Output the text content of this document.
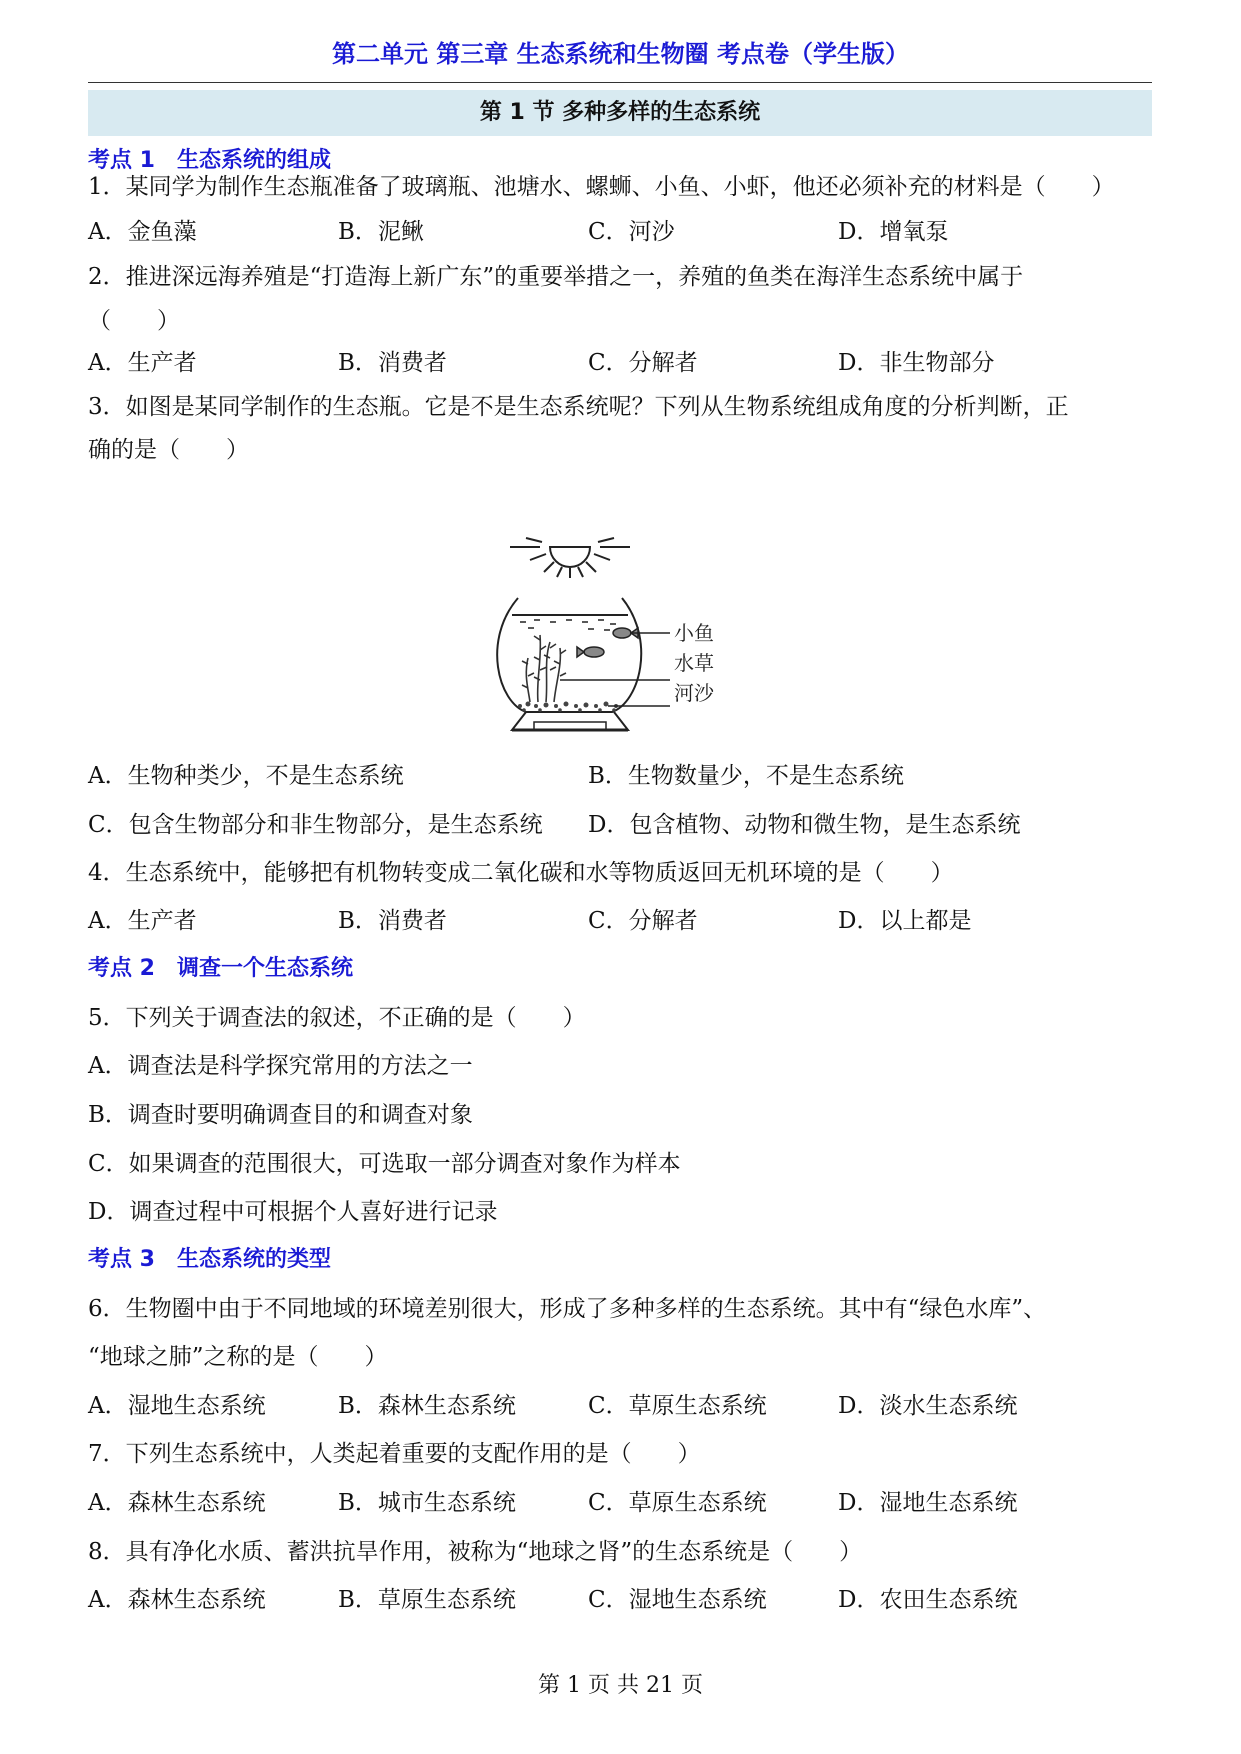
第二单元 第三章 生态系统和生物圈 考点卷（学生版）
第 1 节 多种多样的生态系统
考点 1 生态系统的组成
1．某同学为制作生态瓶准备了玻璃瓶、池塘水、螺蛳、小鱼、小虾，他还必须补充的材料是（　　）
A．金鱼藻	B．泥鳅	C．河沙	D．增氧泵
2．推进深远海养殖是“打造海上新广东”的重要举措之一，养殖的鱼类在海洋生态系统中属于
（　　）
A．生产者	B．消费者	C．分解者	D．非生物部分
3．如图是某同学制作的生态瓶。它是不是生态系统呢？下列从生物系统组成角度的分析判断，正
确的是（　　）
小鱼
水草
河沙
A．生物种类少，不是生态系统	B．生物数量少，不是生态系统
C．包含生物部分和非生物部分，是生态系统 D．包含植物、动物和微生物，是生态系统
4．生态系统中，能够把有机物转变成二氧化碳和水等物质返回无机环境的是（　　）
A．生产者	B．消费者	C．分解者	D．以上都是
考点 2 调查一个生态系统
5．下列关于调查法的叙述，不正确的是（　　）
A．调查法是科学探究常用的方法之一
B．调查时要明确调查目的和调查对象
C．如果调查的范围很大，可选取一部分调查对象作为样本
D．调查过程中可根据个人喜好进行记录
考点 3 生态系统的类型
6．生物圈中由于不同地域的环境差别很大，形成了多种多样的生态系统。其中有“绿色水库”、
“地球之肺”之称的是（　　）
A．湿地生态系统	B．森林生态系统	C．草原生态系统	D．淡水生态系统
7．下列生态系统中，人类起着重要的支配作用的是（　　）
A．森林生态系统	B．城市生态系统	C．草原生态系统	D．湿地生态系统
8．具有净化水质、蓄洪抗旱作用，被称为“地球之肾”的生态系统是（　　）
A．森林生态系统	B．草原生态系统	C．湿地生态系统	D．农田生态系统
第 1 页 共 21 页
